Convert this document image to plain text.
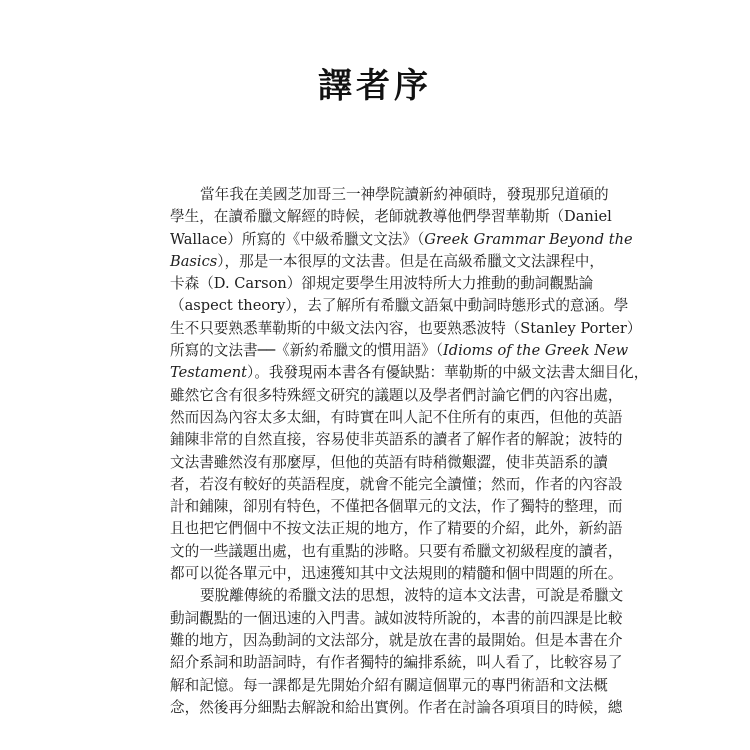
譯者序
當年我在美國芝加哥三一神學院讀新約神碩時，發現那兒道碩的
學生，在讀希臘文解經的時候，老師就教導他們學習華勒斯（Daniel
Wallace）所寫的《中級希臘文文法》（Greek Grammar Beyond the
Basics），那是一本很厚的文法書。但是在高級希臘文文法課程中，
卡森（D. Carson）卻規定要學生用波特所大力推動的動詞觀點論
（aspect theory），去了解所有希臘文語氣中動詞時態形式的意涵。學
生不只要熟悉華勒斯的中級文法內容，也要熟悉波特（Stanley Porter）
所寫的文法書──《新約希臘文的慣用語》（Idioms of the Greek New
Testament）。我發現兩本書各有優缺點：華勒斯的中級文法書太細目化，
雖然它含有很多特殊經文研究的議題以及學者們討論它們的內容出處，
然而因為內容太多太細，有時實在叫人記不住所有的東西，但他的英語
鋪陳非常的自然直接，容易使非英語系的讀者了解作者的解說；波特的
文法書雖然沒有那麼厚，但他的英語有時稍微艱澀，使非英語系的讀
者，若沒有較好的英語程度，就會不能完全讀懂；然而，作者的內容設
計和鋪陳，卻別有特色，不僅把各個單元的文法，作了獨特的整理，而
且也把它們個中不按文法正規的地方，作了精要的介紹，此外，新約語
文的一些議題出處，也有重點的涉略。只要有希臘文初級程度的讀者，
都可以從各單元中，迅速獲知其中文法規則的精髓和個中問題的所在。
要脫離傳統的希臘文法的思想，波特的這本文法書，可說是希臘文
動詞觀點的一個迅速的入門書。誠如波特所說的，本書的前四課是比較
難的地方，因為動詞的文法部分，就是放在書的最開始。但是本書在介
紹介系詞和助語詞時，有作者獨特的編排系統，叫人看了，比較容易了
解和記憶。每一課都是先開始介紹有關這個單元的專門術語和文法概
念，然後再分細點去解說和給出實例。作者在討論各項項目的時候，總
